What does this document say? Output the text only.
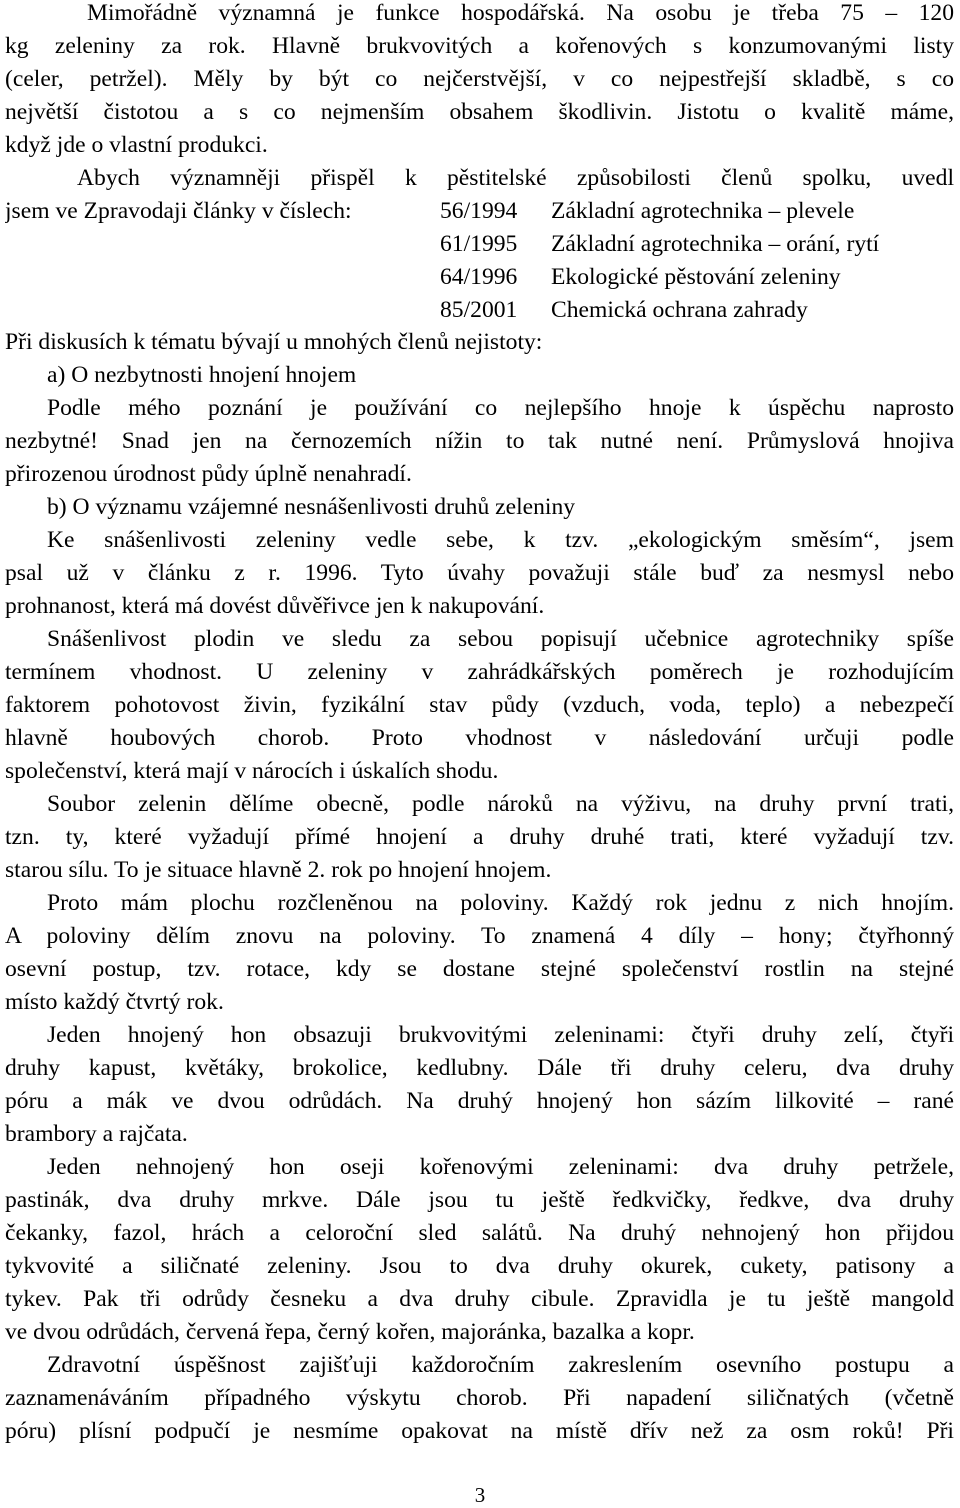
Mimořádně významná je funkce hospodářská. Na osobu je třeba 75 – 120
kg zeleniny za rok. Hlavně brukvovitých a kořenových s konzumovanými listy
(celer, petržel). Měly by být co nejčerstvější, v co nejpestřejší skladbě, s co
největší čistotou a s co nejmenším obsahem škodlivin. Jistotu o kvalitě máme,
když jde o vlastní produkci.
Abych významněji přispěl k pěstitelské způsobilosti členů spolku, uvedl
jsem ve Zpravodaji články v číslech:	56/1994 Základní agrotechnika – plevele
61/1995 Základní agrotechnika – orání, rytí
64/1996 Ekologické pěstování zeleniny
85/2001 Chemická ochrana zahrady
Při diskusích k tématu bývají u mnohých členů nejistoty:
a) O nezbytnosti hnojení hnojem
Podle mého poznání je používání co nejlepšího hnoje k úspěchu naprosto
nezbytné! Snad jen na černozemích nížin to tak nutné není. Průmyslová hnojiva
přirozenou úrodnost půdy úplně nenahradí.
b) O významu vzájemné nesnášenlivosti druhů zeleniny
Ke snášenlivosti zeleniny vedle sebe, k tzv. „ekologickým směsím“, jsem
psal už v článku z r. 1996. Tyto úvahy považuji stále buď za nesmysl nebo
prohnanost, která má dovést důvěřivce jen k nakupování.
Snášenlivost plodin ve sledu za sebou popisují učebnice agrotechniky spíše
termínem vhodnost. U zeleniny v zahrádkářských poměrech je rozhodujícím
faktorem pohotovost živin, fyzikální stav půdy (vzduch, voda, teplo) a nebezpečí
hlavně houbových chorob. Proto vhodnost v následování určuji podle
společenství, která mají v nárocích i úskalích shodu.
Soubor zelenin dělíme obecně, podle nároků na výživu, na druhy první trati,
tzn. ty, které vyžadují přímé hnojení a druhy druhé trati, které vyžadují tzv.
starou sílu. To je situace hlavně 2. rok po hnojení hnojem.
Proto mám plochu rozčleněnou na poloviny. Každý rok jednu z nich hnojím.
A poloviny dělím znovu na poloviny. To znamená 4 díly – hony; čtyřhonný
osevní postup, tzv. rotace, kdy se dostane stejné společenství rostlin na stejné
místo každý čtvrtý rok.
Jeden hnojený hon obsazuji brukvovitými zeleninami: čtyři druhy zelí, čtyři
druhy kapust, květáky, brokolice, kedlubny. Dále tři druhy celeru, dva druhy
póru a mák ve dvou odrůdách. Na druhý hnojený hon sázím lilkovité – rané
brambory a rajčata.
Jeden nehnojený hon oseji kořenovými zeleninami: dva druhy petržele,
pastinák, dva druhy mrkve. Dále jsou tu ještě ředkvičky, ředkve, dva druhy
čekanky, fazol, hrách a celoroční sled salátů. Na druhý nehnojený hon přijdou
tykvovité a siličnaté zeleniny. Jsou to dva druhy okurek, cukety, patisony a
tykev. Pak tři odrůdy česneku a dva druhy cibule. Zpravidla je tu ještě mangold
ve dvou odrůdách, červená řepa, černý kořen, majoránka, bazalka a kopr.
Zdravotní úspěšnost zajišťuji každoročním zakreslením osevního postupu a
zaznamenáváním případného výskytu chorob. Při napadení siličnatých (včetně
póru) plísní podpučí je nesmíme opakovat na místě dřív než za osm roků! Při
3
